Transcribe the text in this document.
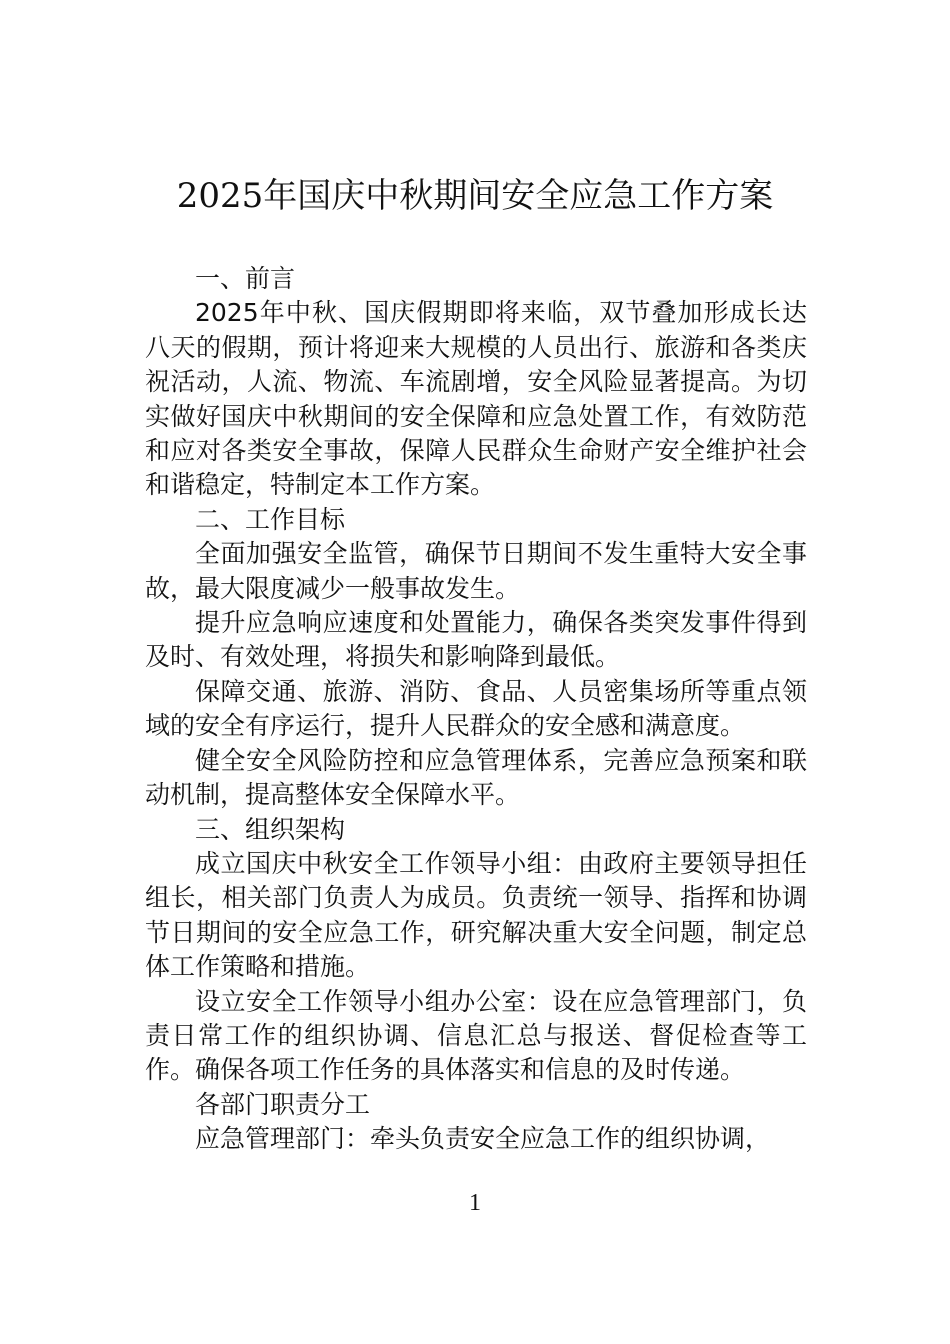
2025年国庆中秋期间安全应急工作方案

一、前言

2025年中秋、国庆假期即将来临，双节叠加形成长达八天的假期，预计将迎来大规模的人员出行、旅游和各类庆祝活动，人流、物流、车流剧增，安全风险显著提高。为切实做好国庆中秋期间的安全保障和应急处置工作，有效防范和应对各类安全事故，保障人民群众生命财产安全维护社会和谐稳定，特制定本工作方案。

二、工作目标

全面加强安全监管，确保节日期间不发生重特大安全事故，最大限度减少一般事故发生。

提升应急响应速度和处置能力，确保各类突发事件得到及时、有效处理，将损失和影响降到最低。

保障交通、旅游、消防、食品、人员密集场所等重点领域的安全有序运行，提升人民群众的安全感和满意度。

健全安全风险防控和应急管理体系，完善应急预案和联动机制，提高整体安全保障水平。

三、组织架构

成立国庆中秋安全工作领导小组：由政府主要领导担任组长，相关部门负责人为成员。负责统一领导、指挥和协调节日期间的安全应急工作，研究解决重大安全问题，制定总体工作策略和措施。

设立安全工作领导小组办公室：设在应急管理部门，负责日常工作的组织协调、信息汇总与报送、督促检查等工作。确保各项工作任务的具体落实和信息的及时传递。

各部门职责分工

应急管理部门：牵头负责安全应急工作的组织协调，

1
